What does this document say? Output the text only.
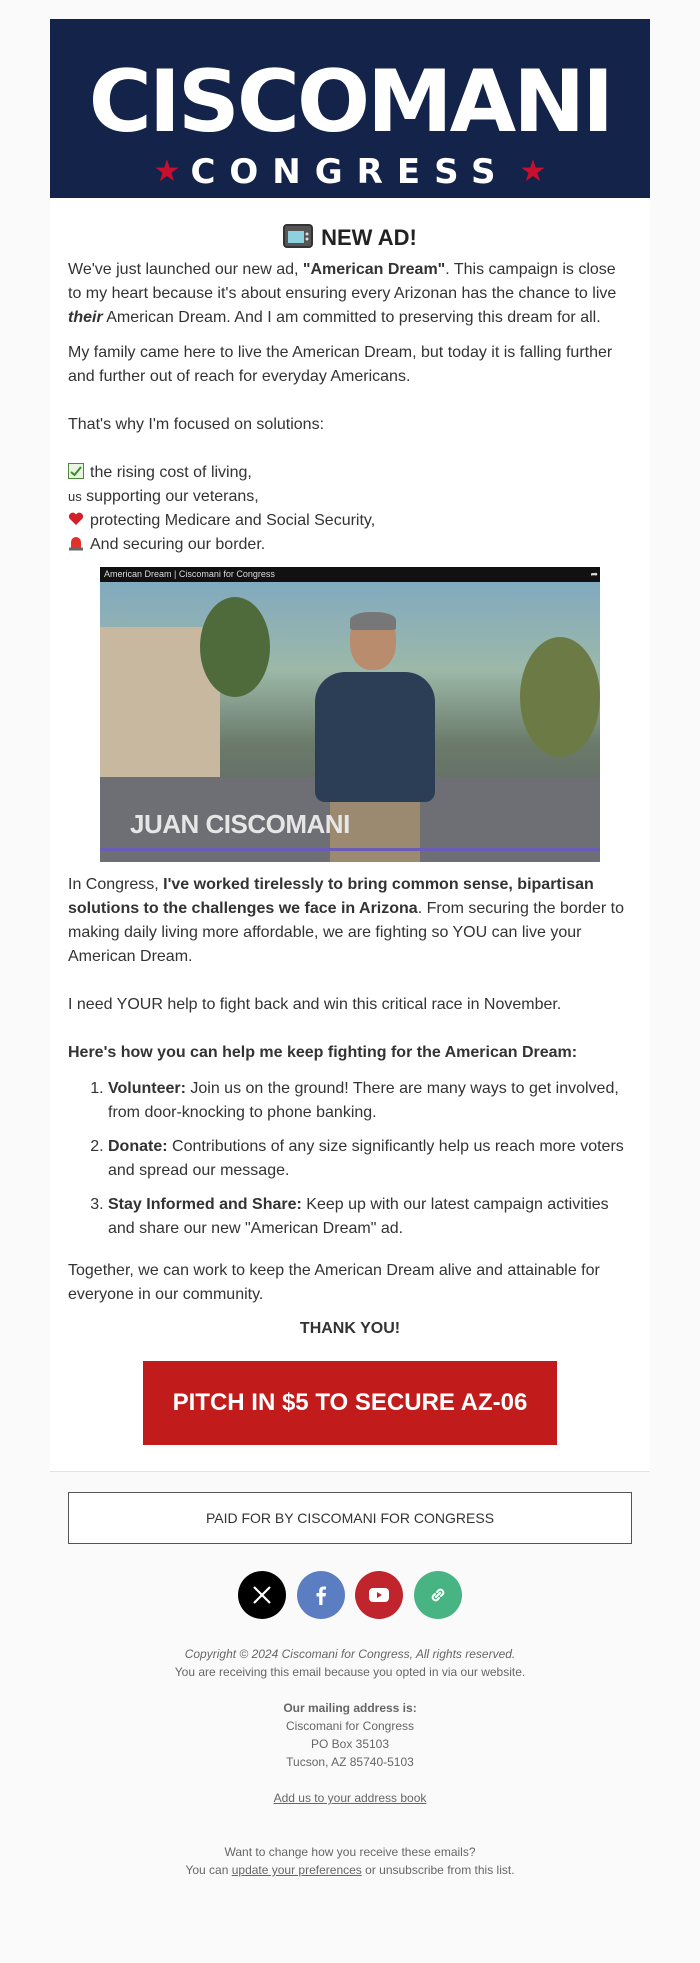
CISCOMANI
★ CONGRESS ★
NEW AD!

We've just launched our new ad, "American Dream". This campaign is close to my heart because it's about ensuring every Arizonan has the chance to live their American Dream. And I am committed to preserving this dream for all.

My family came here to live the American Dream, but today it is falling further and further out of reach for everyday Americans.

That's why I'm focused on solutions:

the rising cost of living,
us supporting our veterans,
protecting Medicare and Social Security,
And securing our border.
American Dream | Ciscomani for Congress	➦
JUAN CISCOMANI

In Congress, I've worked tirelessly to bring common sense, bipartisan solutions to the challenges we face in Arizona. From securing the border to making daily living more affordable, we are fighting so YOU can live your American Dream.

I need YOUR help to fight back and win this critical race in November.

Here's how you can help me keep fighting for the American Dream:

1. Volunteer: Join us on the ground! There are many ways to get involved, from door-knocking to phone banking.
2. Donate: Contributions of any size significantly help us reach more voters and spread our message.
3. Stay Informed and Share: Keep up with our latest campaign activities and share our new "American Dream" ad.

Together, we can work to keep the American Dream alive and attainable for everyone in our community.

THANK YOU!

PITCH IN $5 TO SECURE AZ-06
PAID FOR BY CISCOMANI FOR CONGRESS
Copyright © 2024 Ciscomani for Congress, All rights reserved.
You are receiving this email because you opted in via our website.
Our mailing address is:
Ciscomani for Congress
PO Box 35103
Tucson, AZ 85740-5103
Add us to your address book
Want to change how you receive these emails?
You can update your preferences or unsubscribe from this list.
